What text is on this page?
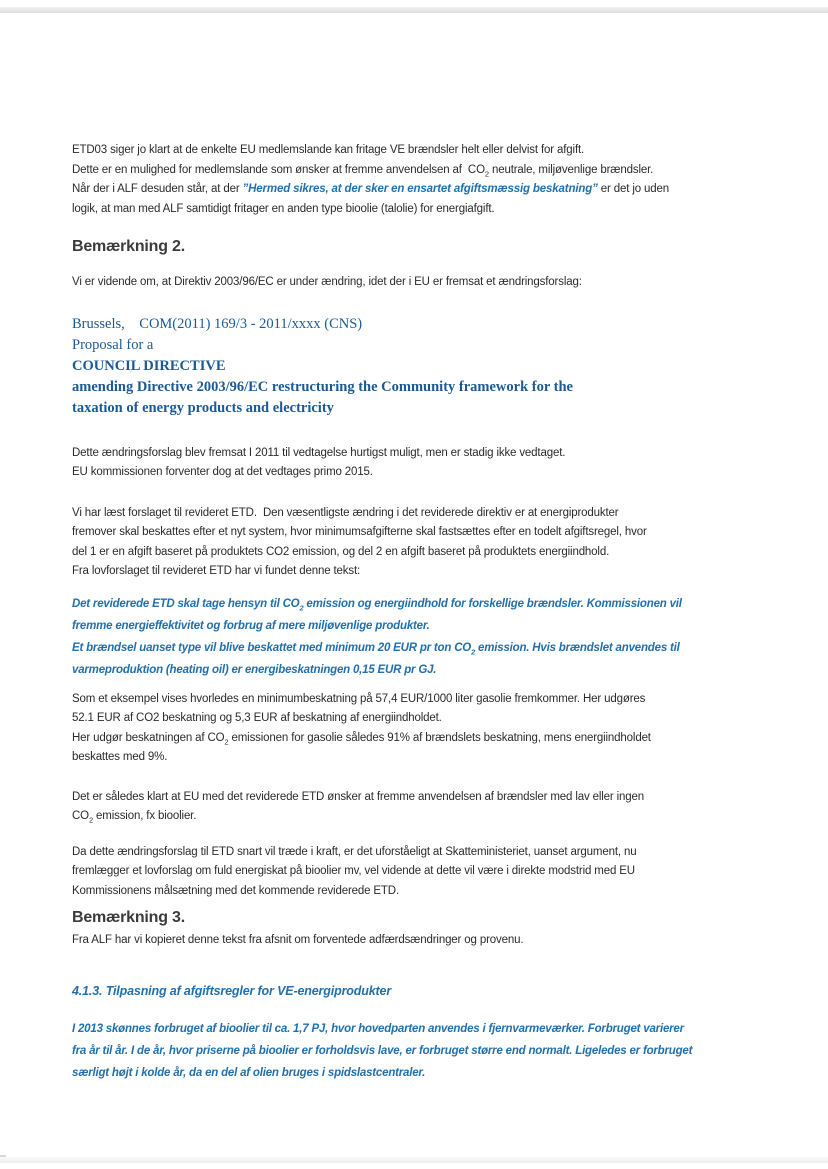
ETD03 siger jo klart at de enkelte EU medlemslande kan fritage VE brændsler helt eller delvist for afgift.
Dette er en mulighed for medlemslande som ønsker at fremme anvendelsen af  $CO_2$ neutrale, miljøvenlige brændsler.
Når der i ALF desuden står, at der ”Hermed sikres, at der sker en ensartet afgiftsmæssig beskatning” er det jo uden
logik, at man med ALF samtidigt fritager en anden type bioolie (talolie) for energiafgift.
Bemærkning 2.
Vi er vidende om, at Direktiv 2003/96/EC er under ændring, idet der i EU er fremsat et ændringsforslag:
Brussels,    COM(2011) 169/3 - 2011/xxxx (CNS)
Proposal for a
COUNCIL DIRECTIVE
amending Directive 2003/96/EC restructuring the Community framework for the
taxation of energy products and electricity
Dette ændringsforslag blev fremsat I 2011 til vedtagelse hurtigst muligt, men er stadig ikke vedtaget.
EU kommissionen forventer dog at det vedtages primo 2015.
Vi har læst forslaget til revideret ETD.  Den væsentligste ændring i det reviderede direktiv er at energiprodukter
fremover skal beskattes efter et nyt system, hvor minimumsafgifterne skal fastsættes efter en todelt afgiftsregel, hvor
del 1 er en afgift baseret på produktets CO2 emission, og del 2 en afgift baseret på produktets energiindhold.
Fra lovforslaget til revideret ETD har vi fundet denne tekst:
Det reviderede ETD skal tage hensyn til $CO_2$ emission og energiindhold for forskellige brændsler. Kommissionen vil
fremme energieffektivitet og forbrug af mere miljøvenlige produkter.
Et brændsel uanset type vil blive beskattet med minimum 20 EUR pr ton $CO_2$ emission. Hvis brændslet anvendes til
varmeproduktion (heating oil) er energibeskatningen 0,15 EUR pr GJ.
Som et eksempel vises hvorledes en minimumbeskatning på 57,4 EUR/1000 liter gasolie fremkommer. Her udgøres
52.1 EUR af CO2 beskatning og 5,3 EUR af beskatning af energiindholdet.
Her udgør beskatningen af $CO_2$ emissionen for gasolie således 91% af brændslets beskatning, mens energiindholdet
beskattes med 9%.
Det er således klart at EU med det reviderede ETD ønsker at fremme anvendelsen af brændsler med lav eller ingen
$CO_2$ emission, fx bioolier.
Da dette ændringsforslag til ETD snart vil træde i kraft, er det uforståeligt at Skatteministeriet, uanset argument, nu
fremlægger et lovforslag om fuld energiskat på bioolier mv, vel vidende at dette vil være i direkte modstrid med EU
Kommissionens målsætning med det kommende reviderede ETD.
Bemærkning 3.
Fra ALF har vi kopieret denne tekst fra afsnit om forventede adfærdsændringer og provenu.
4.1.3. Tilpasning af afgiftsregler for VE-energiprodukter
I 2013 skønnes forbruget af bioolier til ca. 1,7 PJ, hvor hovedparten anvendes i fjernvarmeværker. Forbruget varierer
fra år til år. I de år, hvor priserne på bioolier er forholdsvis lave, er forbruget større end normalt. Ligeledes er forbruget
særligt højt i kolde år, da en del af olien bruges i spidslastcentraler.
